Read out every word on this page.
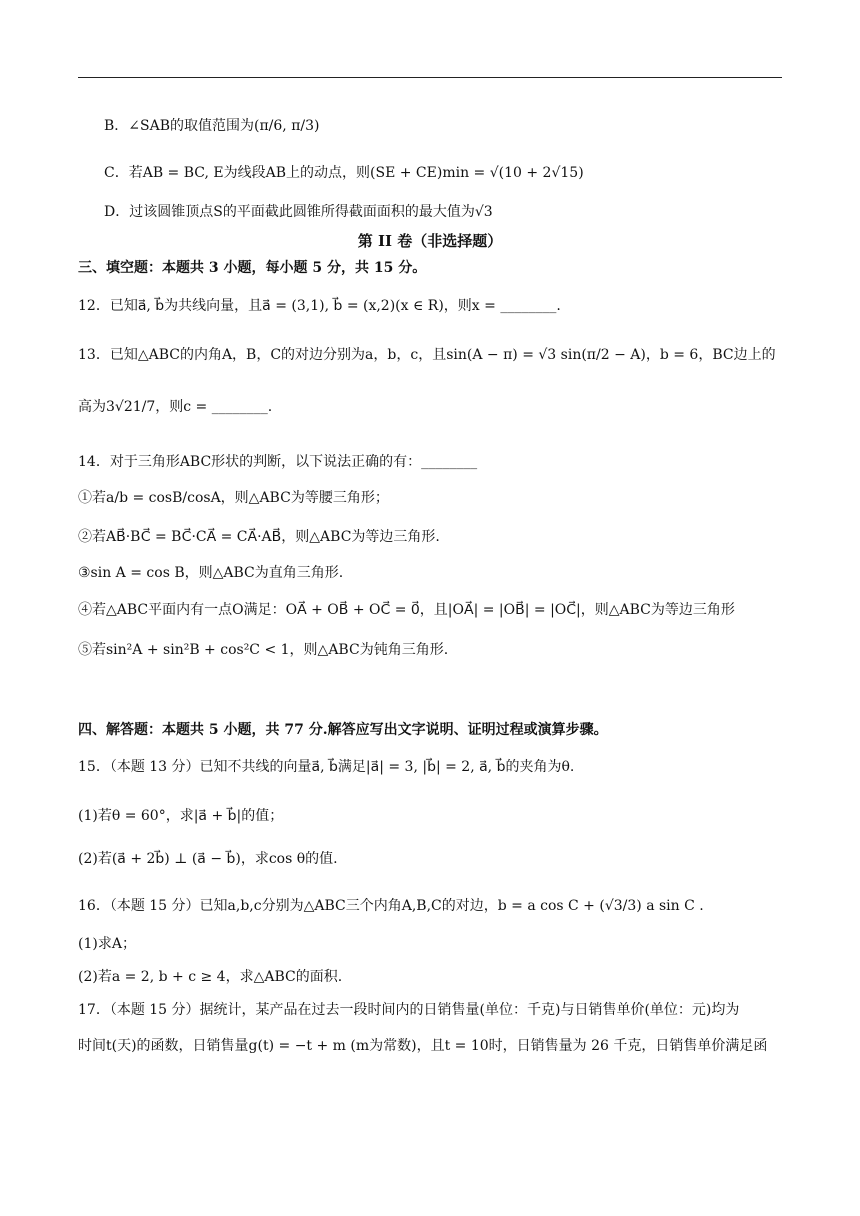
B．∠SAB的取值范围为(π/6, π/3)
C．若AB = BC, E为线段AB上的动点，则(SE + CE)min = √(10 + 2√15)
D．过该圆锥顶点S的平面截此圆锥所得截面面积的最大值为√3
第 II 卷（非选择题）
三、填空题：本题共 3 小题，每小题 5 分，共 15 分。
12．已知a⃗, b⃗为共线向量，且a⃗ = (3,1), b⃗ = (x,2)(x ∈ R)，则x = ________.
13．已知△ABC的内角A，B，C的对边分别为a，b，c，且sin(A − π) = √3 sin(π/2 − A)，b = 6，BC边上的
高为3√21/7，则c = ________.
14．对于三角形ABC形状的判断，以下说法正确的有：________
①若a/b = cosB/cosA，则△ABC为等腰三角形；
②若AB⃗·BC⃗ = BC⃗·CA⃗ = CA⃗·AB⃗，则△ABC为等边三角形.
③sin A = cos B，则△ABC为直角三角形.
④若△ABC平面内有一点O满足：OA⃗ + OB⃗ + OC⃗ = 0⃗，且|OA⃗| = |OB⃗| = |OC⃗|，则△ABC为等边三角形
⑤若sin²A + sin²B + cos²C < 1，则△ABC为钝角三角形.
四、解答题：本题共 5 小题，共 77 分.解答应写出文字说明、证明过程或演算步骤。
15．（本题 13 分）已知不共线的向量a⃗, b⃗满足|a⃗| = 3, |b⃗| = 2, a⃗, b⃗的夹角为θ.
(1)若θ = 60°，求|a⃗ + b⃗|的值；
(2)若(a⃗ + 2b⃗) ⊥ (a⃗ − b⃗)，求cos θ的值.
16．（本题 15 分）已知a,b,c分别为△ABC三个内角A,B,C的对边，b = a cos C + (√3/3) a sin C .
(1)求A；
(2)若a = 2, b + c ≥ 4，求△ABC的面积.
17．（本题 15 分）据统计，某产品在过去一段时间内的日销售量(单位：千克)与日销售单价(单位：元)均为
时间t(天)的函数，日销售量g(t) = −t + m (m为常数)，且t = 10时，日销售量为 26 千克，日销售单价满足函
